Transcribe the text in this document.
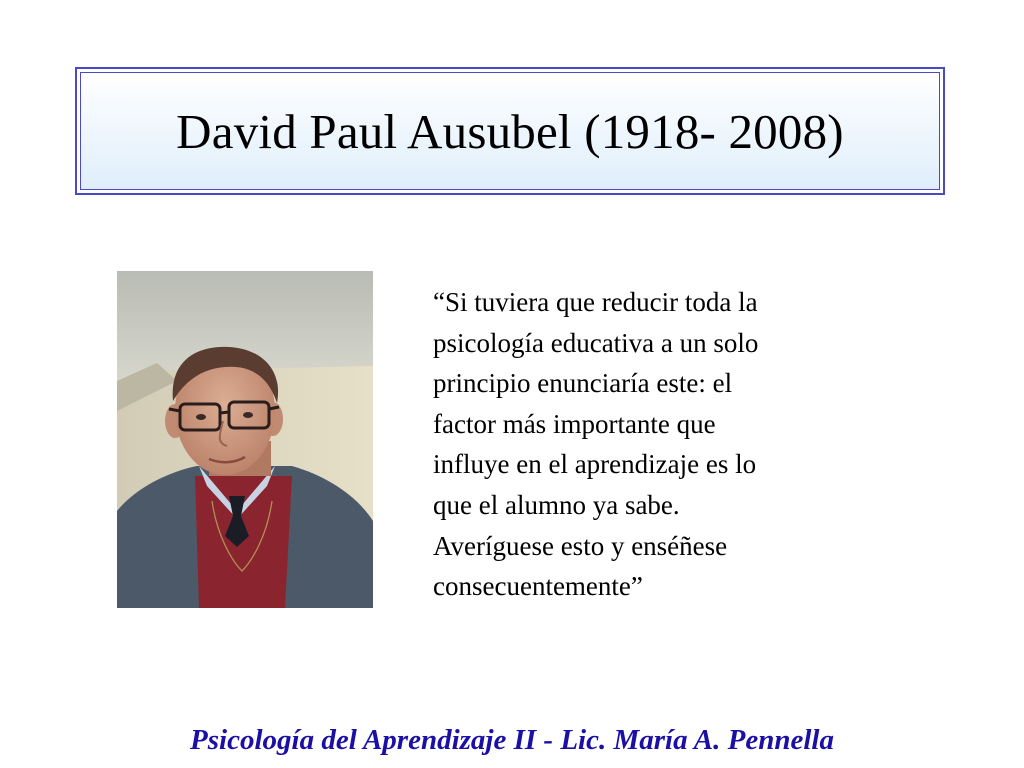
David Paul Ausubel (1918- 2008)
“Si tuviera que reducir toda la
psicología educativa a un solo
principio enunciaría este: el
factor más importante que
influye en el aprendizaje es lo
que el alumno ya sabe.
Averíguese esto y enséñese
consecuentemente”
Psicología del Aprendizaje II - Lic. María A. Pennella
